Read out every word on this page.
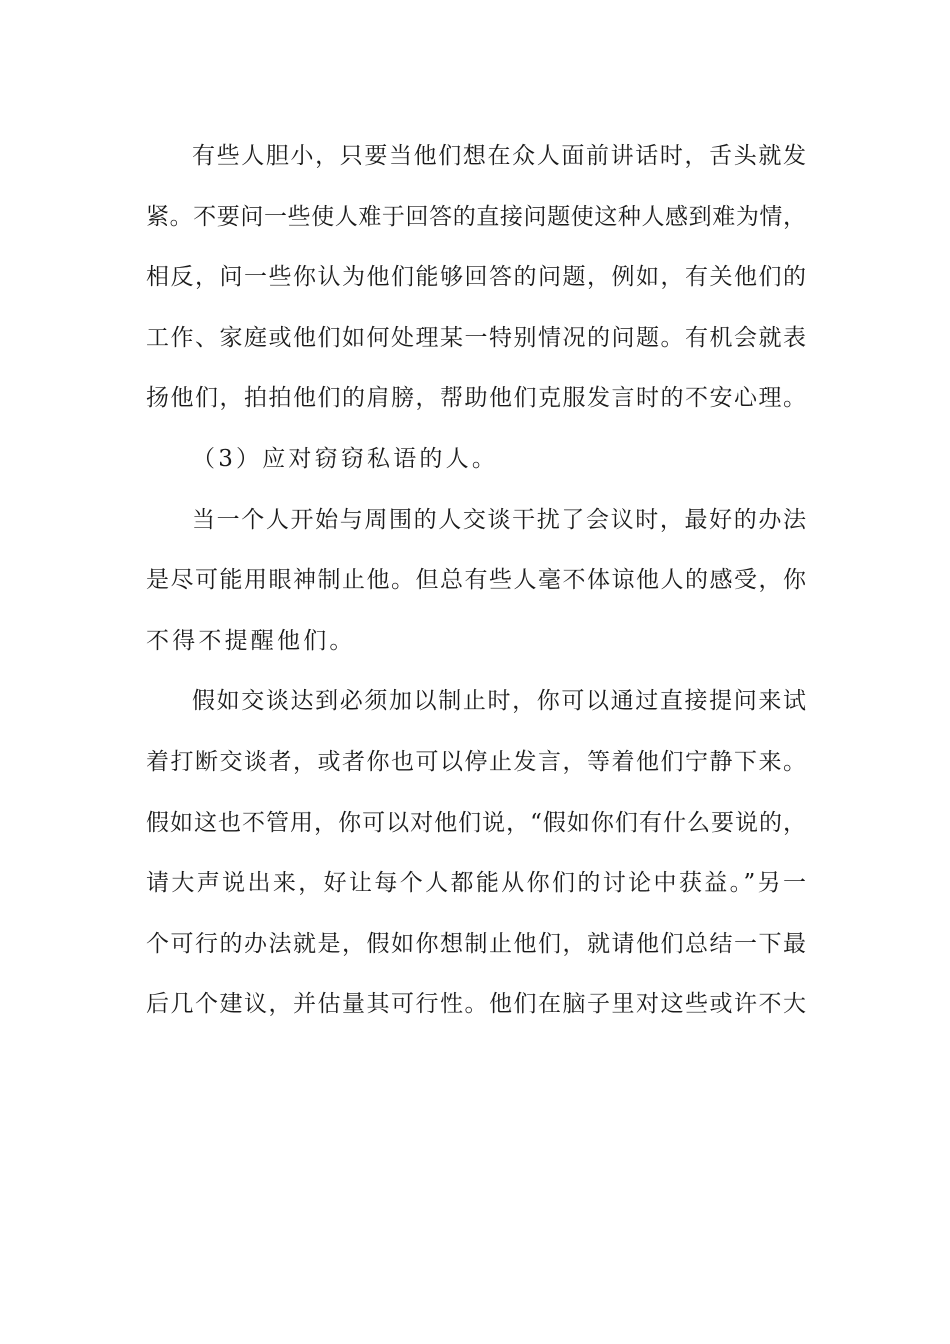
有些人胆小，只要当他们想在众人面前讲话时，舌头就发
紧。不要问一些使人难于回答的直接问题使这种人感到难为情，
相反，问一些你认为他们能够回答的问题，例如，有关他们的
工作、家庭或他们如何处理某一特别情况的问题。有机会就表
扬他们，拍拍他们的肩膀，帮助他们克服发言时的不安心理。
（3）应对窃窃私语的人。
当一个人开始与周围的人交谈干扰了会议时，最好的办法
是尽可能用眼神制止他。但总有些人毫不体谅他人的感受，你
不得不提醒他们。
假如交谈达到必须加以制止时，你可以通过直接提问来试
着打断交谈者，或者你也可以停止发言，等着他们宁静下来。
假如这也不管用，你可以对他们说，“假如你们有什么要说的，
请大声说出来，好让每个人都能从你们的讨论中获益。”另一
个可行的办法就是，假如你想制止他们，就请他们总结一下最
后几个建议，并估量其可行性。他们在脑子里对这些或许不大
